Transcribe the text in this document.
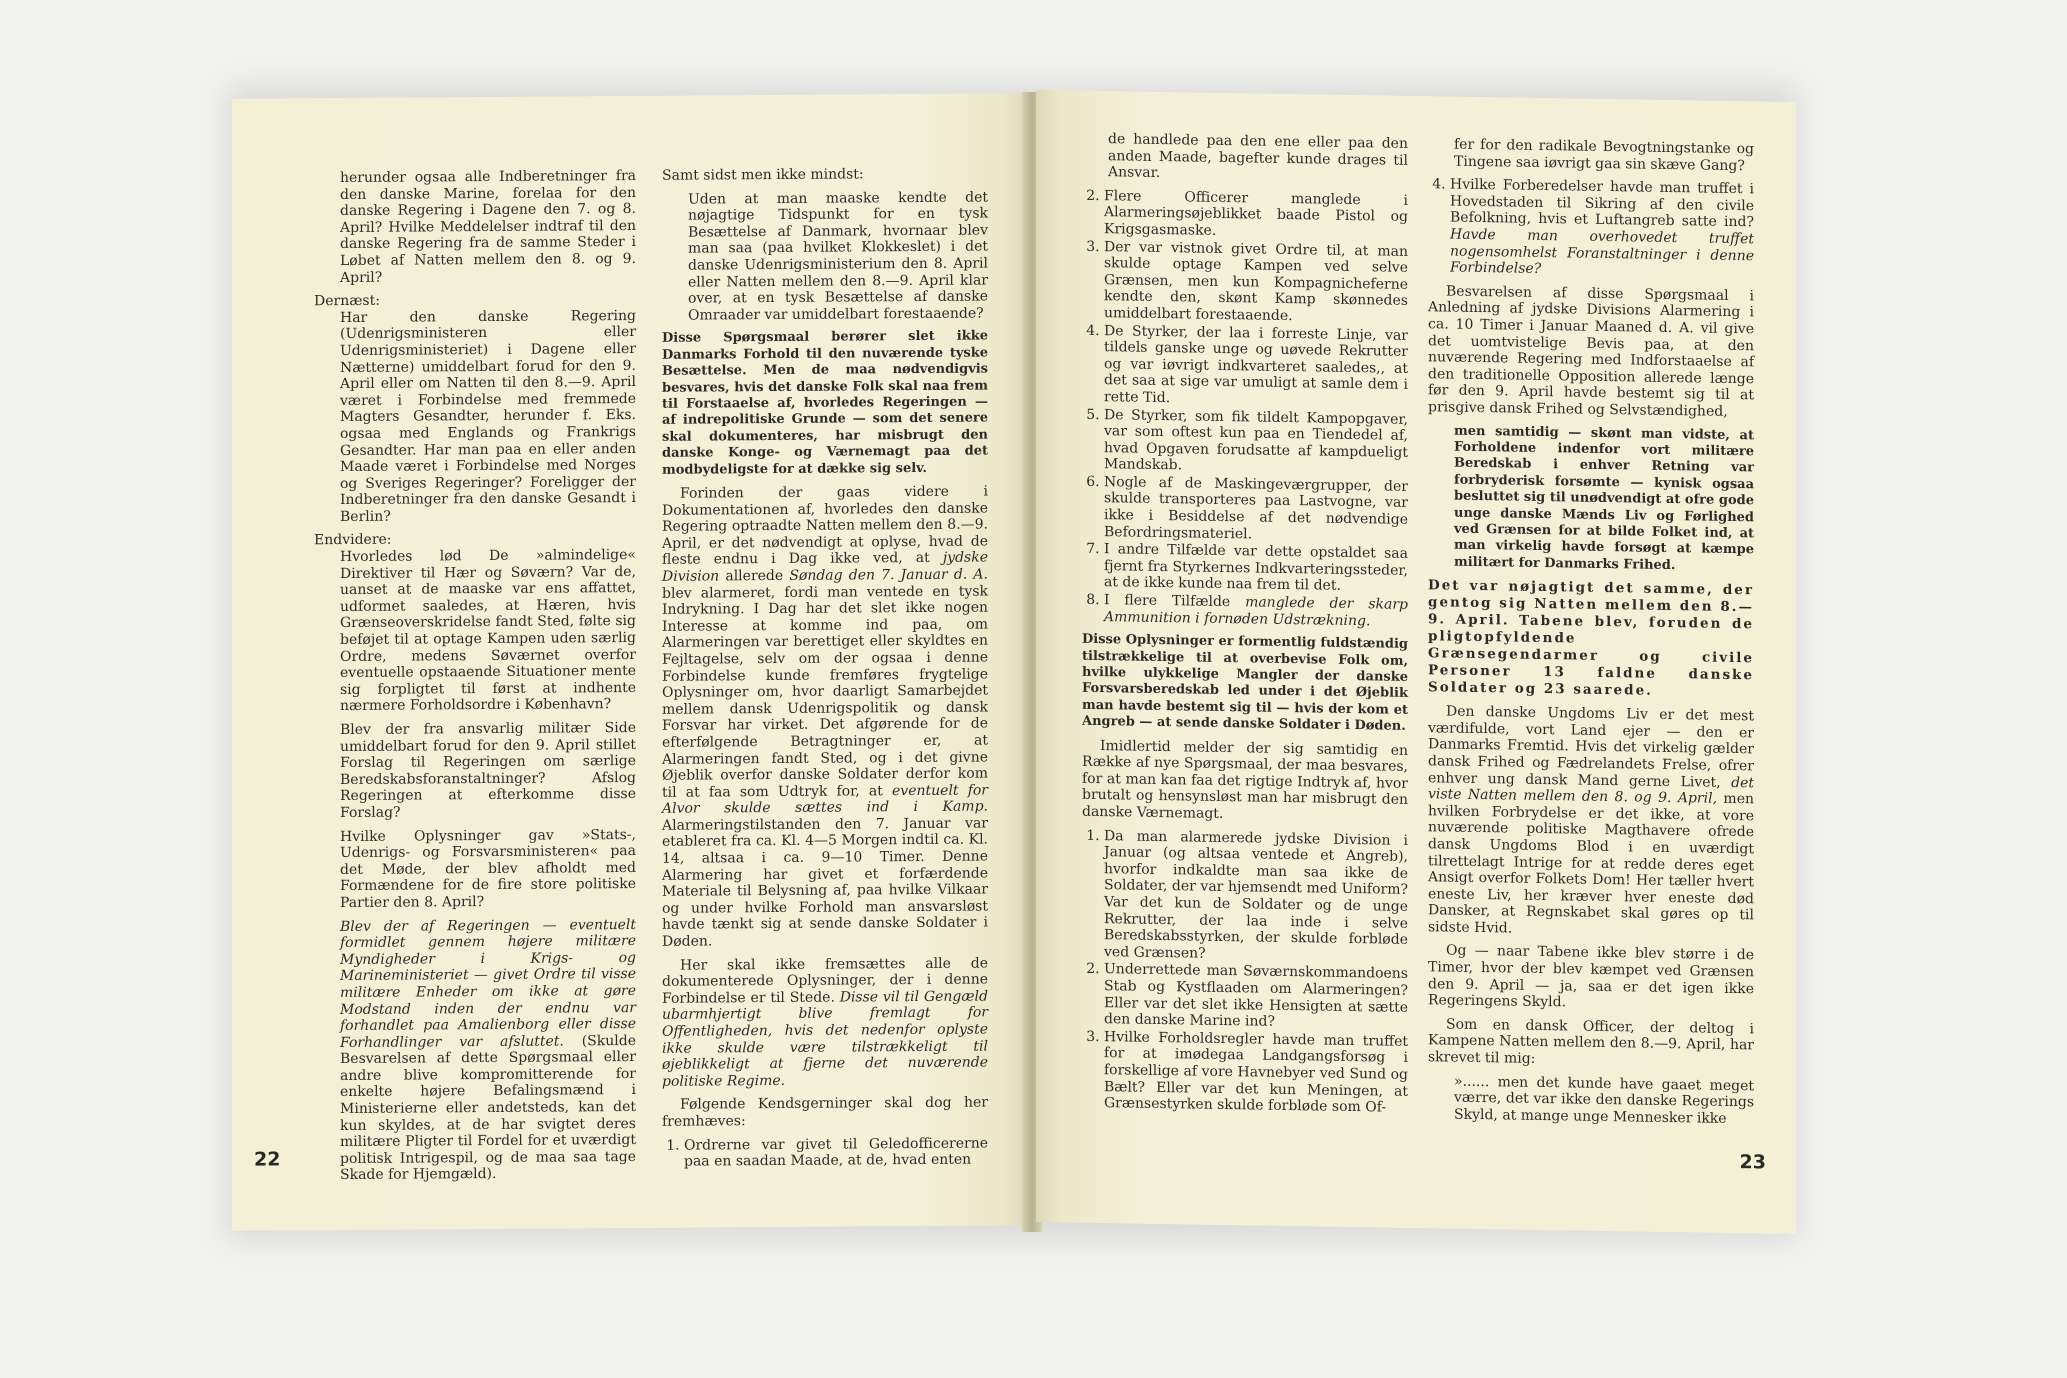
herunder ogsaa alle Indberetninger fra den danske Marine, forelaa for den danske Regering i Dagene den 7. og 8. April? Hvilke Meddelelser indtraf til den danske Regering fra de samme Steder i Løbet af Natten mellem den 8. og 9. April?

Dernæst:

Har den danske Regering (Udenrigsministeren eller Udenrigsministeriet) i Dagene eller Nætterne) umiddelbart forud for den 9. April eller om Natten til den 8.—9. April været i Forbindelse med fremmede Magters Gesandter, herunder f. Eks. ogsaa med Englands og Frankrigs Gesandter. Har man paa en eller anden Maade været i Forbindelse med Norges og Sveriges Regeringer? Foreligger der Indberetninger fra den danske Gesandt i Berlin?

Endvidere:

Hvorledes lød De »almindelige« Direktiver til Hær og Søværn? Var de, uanset at de maaske var ens affattet, udformet saaledes, at Hæren, hvis Grænseoverskridelse fandt Sted, følte sig beføjet til at optage Kampen uden særlig Ordre, medens Søværnet overfor eventuelle opstaaende Situationer mente sig forpligtet til først at indhente nærmere Forholdsordre i København?

Blev der fra ansvarlig militær Side umiddelbart forud for den 9. April stillet Forslag til Regeringen om særlige Beredskabsforanstaltninger? Afslog Regeringen at efterkomme disse Forslag?

Hvilke Oplysninger gav »Stats-, Udenrigs- og Forsvarsministeren« paa det Møde, der blev afholdt med Formændene for de fire store politiske Partier den 8. April?

Blev der af Regeringen — eventuelt formidlet gennem højere militære Myndigheder i Krigs- og Marineministeriet — givet Ordre til visse militære Enheder om ikke at gøre Modstand inden der endnu var forhandlet paa Amalienborg eller disse Forhandlinger var afsluttet. (Skulde Besvarelsen af dette Spørgsmaal eller andre blive kompromitterende for enkelte højere Befalingsmænd i Ministerierne eller andetsteds, kan det kun skyldes, at de har svigtet deres militære Pligter til Fordel for et uværdigt politisk Intrigespil, og de maa saa tage Skade for Hjemgæld).

Samt sidst men ikke mindst:

Uden at man maaske kendte det nøjagtige Tidspunkt for en tysk Besættelse af Danmark, hvornaar blev man saa (paa hvilket Klokkeslet) i det danske Udenrigsministerium den 8. April eller Natten mellem den 8.—9. April klar over, at en tysk Besættelse af danske Omraader var umiddelbart forestaaende?

Disse Spørgsmaal berører slet ikke Danmarks Forhold til den nuværende tyske Besættelse. Men de maa nødvendigvis besvares, hvis det danske Folk skal naa frem til Forstaaelse af, hvorledes Regeringen — af indrepolitiske Grunde — som det senere skal dokumenteres, har misbrugt den danske Konge- og Værnemagt paa det modbydeligste for at dække sig selv.

Forinden der gaas videre i Dokumentationen af, hvorledes den danske Regering optraadte Natten mellem den 8.—9. April, er det nødvendigt at oplyse, hvad de fleste endnu i Dag ikke ved, at jydske Division allerede Søndag den 7. Januar d. A. blev alarmeret, fordi man ventede en tysk Indrykning. I Dag har det slet ikke nogen Interesse at komme ind paa, om Alarmeringen var berettiget eller skyldtes en Fejltagelse, selv om der ogsaa i denne Forbindelse kunde fremføres frygtelige Oplysninger om, hvor daarligt Samarbejdet mellem dansk Udenrigspolitik og dansk Forsvar har virket. Det afgørende for de efterfølgende Betragtninger er, at Alarmeringen fandt Sted, og i det givne Øjeblik overfor danske Soldater derfor kom til at faa som Udtryk for, at eventuelt for Alvor skulde sættes ind i Kamp. Alarmeringstilstanden den 7. Januar var etableret fra ca. Kl. 4—5 Morgen indtil ca. Kl. 14, altsaa i ca. 9—10 Timer. Denne Alarmering har givet et forfærdende Materiale til Belysning af, paa hvilke Vilkaar og under hvilke Forhold man ansvarsløst havde tænkt sig at sende danske Soldater i Døden.

Her skal ikke fremsættes alle de dokumenterede Oplysninger, der i denne Forbindelse er til Stede. Disse vil til Gengæld ubarmhjertigt blive fremlagt for Offentligheden, hvis det nedenfor oplyste ikke skulde være tilstrækkeligt til øjeblikkeligt at fjerne det nuværende politiske Regime.

Følgende Kendsgerninger skal dog her fremhæves:

1. Ordrerne var givet til Geledofficererne paa en saadan Maade, at de, hvad enten
22

de handlede paa den ene eller paa den anden Maade, bagefter kunde drages til Ansvar.

2. Flere Officerer manglede i Alarmeringsøjeblikket baade Pistol og Krigsgasmaske.
3. Der var vistnok givet Ordre til, at man skulde optage Kampen ved selve Grænsen, men kun Kompagnicheferne kendte den, skønt Kamp skønnedes umiddelbart forestaaende.
4. De Styrker, der laa i forreste Linje, var tildels ganske unge og uøvede Rekrutter og var iøvrigt indkvarteret saaledes,, at det saa at sige var umuligt at samle dem i rette Tid.
5. De Styrker, som fik tildelt Kampopgaver, var som oftest kun paa en Tiendedel af, hvad Opgaven forudsatte af kampdueligt Mandskab.
6. Nogle af de Maskingeværgrupper, der skulde transporteres paa Lastvogne, var ikke i Besiddelse af det nødvendige Befordringsmateriel.
7. I andre Tilfælde var dette opstaldet saa fjernt fra Styrkernes Indkvarteringssteder, at de ikke kunde naa frem til det.
8. I flere Tilfælde manglede der skarp Ammunition i fornøden Udstrækning.

Disse Oplysninger er formentlig fuldstændig tilstrækkelige til at overbevise Folk om, hvilke ulykkelige Mangler der danske Forsvarsberedskab led under i det Øjeblik man havde bestemt sig til — hvis der kom et Angreb — at sende danske Soldater i Døden.

Imidlertid melder der sig samtidig en Række af nye Spørgsmaal, der maa besvares, for at man kan faa det rigtige Indtryk af, hvor brutalt og hensynsløst man har misbrugt den danske Værnemagt.

1. Da man alarmerede jydske Division i Januar (og altsaa ventede et Angreb), hvorfor indkaldte man saa ikke de Soldater, der var hjemsendt med Uniform? Var det kun de Soldater og de unge Rekrutter, der laa inde i selve Beredskabsstyrken, der skulde forbløde ved Grænsen?
2. Underrettede man Søværnskommandoens Stab og Kystflaaden om Alarmeringen? Eller var det slet ikke Hensigten at sætte den danske Marine ind?
3. Hvilke Forholdsregler havde man truffet for at imødegaa Landgangsforsøg i forskellige af vore Havnebyer ved Sund og Bælt? Eller var det kun Meningen, at Grænsestyrken skulde forbløde som Of-

fer for den radikale Bevogtningstanke og Tingene saa iøvrigt gaa sin skæve Gang?

4. Hvilke Forberedelser havde man truffet i Hovedstaden til Sikring af den civile Befolkning, hvis et Luftangreb satte ind? Havde man overhovedet truffet nogensomhelst Foranstaltninger i denne Forbindelse?

Besvarelsen af disse Spørgsmaal i Anledning af jydske Divisions Alarmering i ca. 10 Timer i Januar Maaned d. A. vil give det uomtvistelige Bevis paa, at den nuværende Regering med Indforstaaelse af den traditionelle Opposition allerede længe før den 9. April havde bestemt sig til at prisgive dansk Frihed og Selvstændighed,

men samtidig — skønt man vidste, at Forholdene indenfor vort militære Beredskab i enhver Retning var forbryderisk forsømte — kynisk ogsaa besluttet sig til unødvendigt at ofre gode unge danske Mænds Liv og Førlighed ved Grænsen for at bilde Folket ind, at man virkelig havde forsøgt at kæmpe militært for Danmarks Frihed.

Det var nøjagtigt det samme, der gentog sig Natten mellem den 8.—9. April. Tabene blev, foruden de pligtopfyldende Grænsegendarmer og civile Personer 13 faldne danske Soldater og 23 saarede.

Den danske Ungdoms Liv er det mest værdifulde, vort Land ejer — den er Danmarks Fremtid. Hvis det virkelig gælder dansk Frihed og Fædrelandets Frelse, ofrer enhver ung dansk Mand gerne Livet, det viste Natten mellem den 8. og 9. April, men hvilken Forbrydelse er det ikke, at vore nuværende politiske Magthavere ofrede dansk Ungdoms Blod i en uværdigt tilrettelagt Intrige for at redde deres eget Ansigt overfor Folkets Dom! Her tæller hvert eneste Liv, her kræver hver eneste død Dansker, at Regnskabet skal gøres op til sidste Hvid.

Og — naar Tabene ikke blev større i de Timer, hvor der blev kæmpet ved Grænsen den 9. April — ja, saa er det igen ikke Regeringens Skyld.

Som en dansk Officer, der deltog i Kampene Natten mellem den 8.—9. April, har skrevet til mig:

»...... men det kunde have gaaet meget værre, det var ikke den danske Regerings Skyld, at mange unge Mennesker ikke

23
